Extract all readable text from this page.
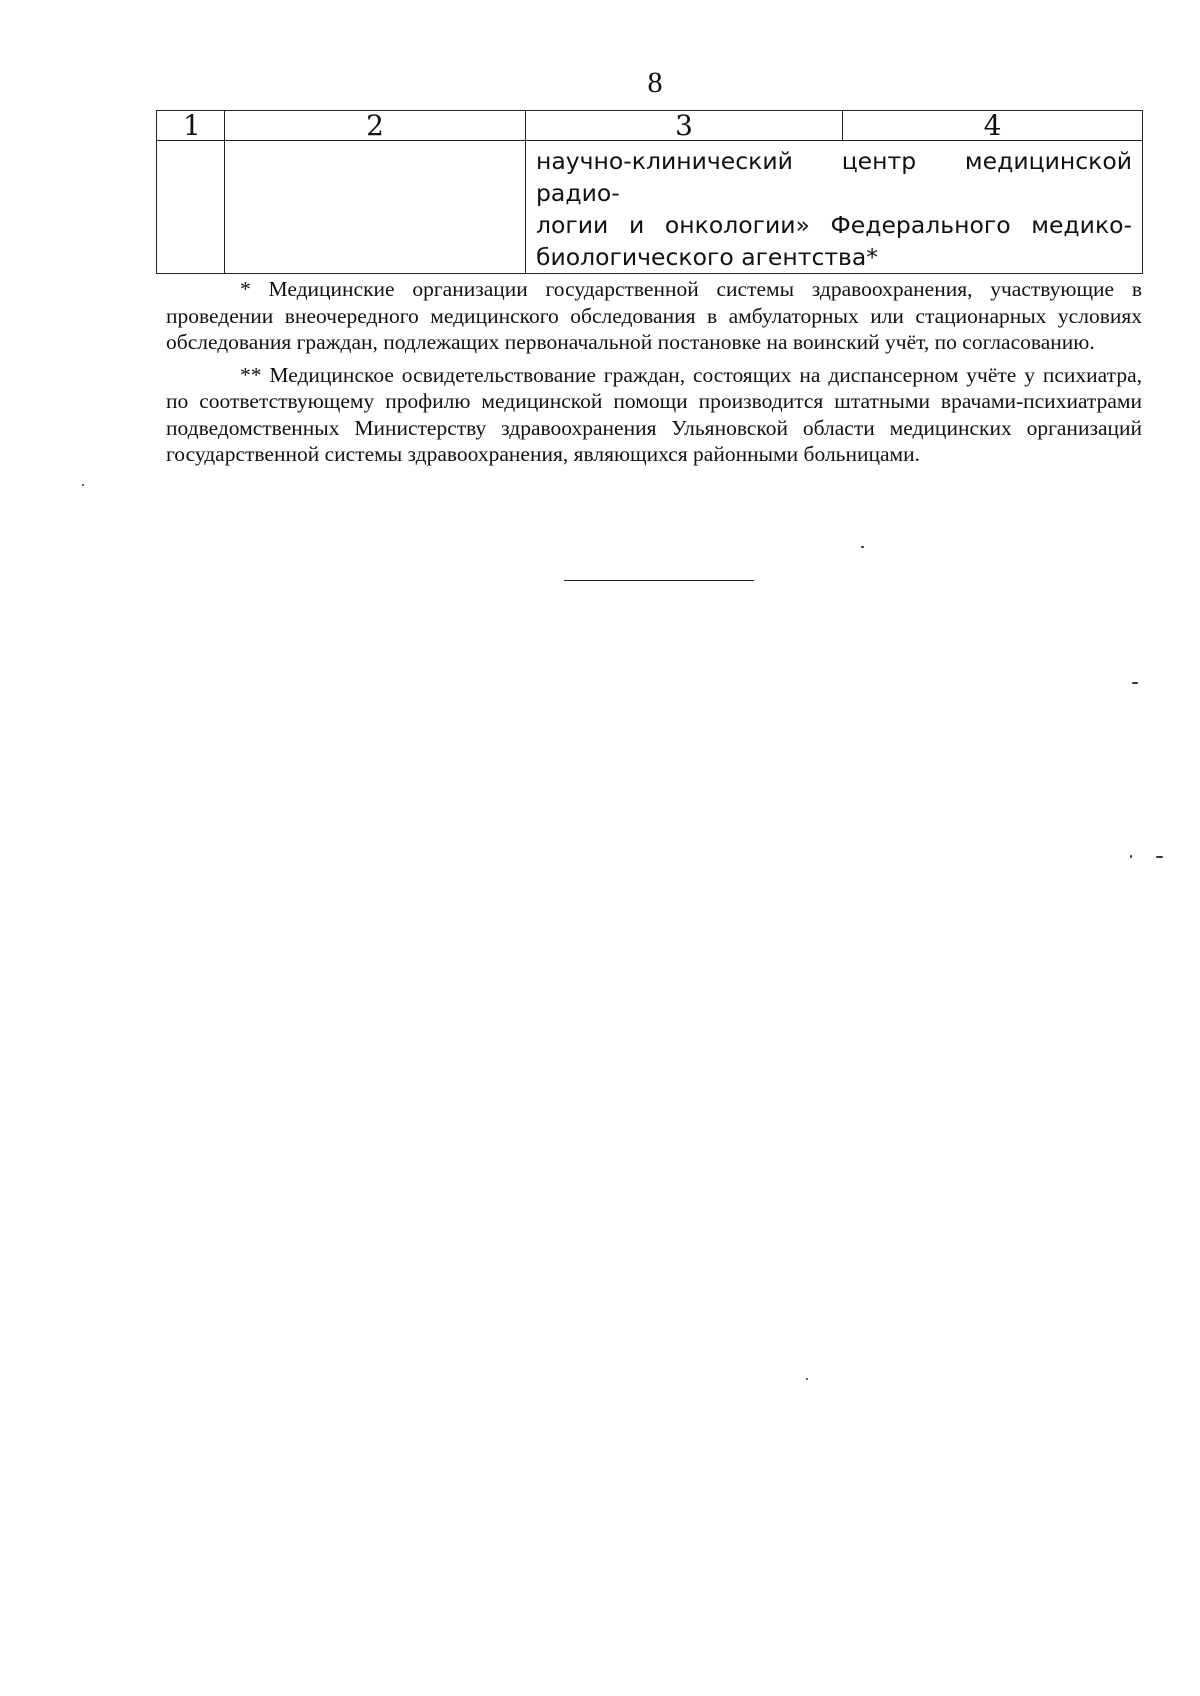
8
1	2	3	4

		научно-клинический центр медицинской радио-
логии и онкологии» Федерального медико-
биологического агентства*	

* Медицинские организации государственной системы здравоохранения, участвующие в проведении внеочередного медицинского обследования в амбулаторных или стационарных условиях обследования граждан, подлежащих первоначальной постановке на воинский учёт, по согласованию.

** Медицинское освидетельствование граждан, состоящих на диспансерном учёте у психиатра, по соответствующему профилю медицинской помощи производится штатными врачами-психиатрами подведомственных Министерству здравоохранения Ульяновской области медицинских организаций государственной системы здравоохранения, являющихся районными больницами.
